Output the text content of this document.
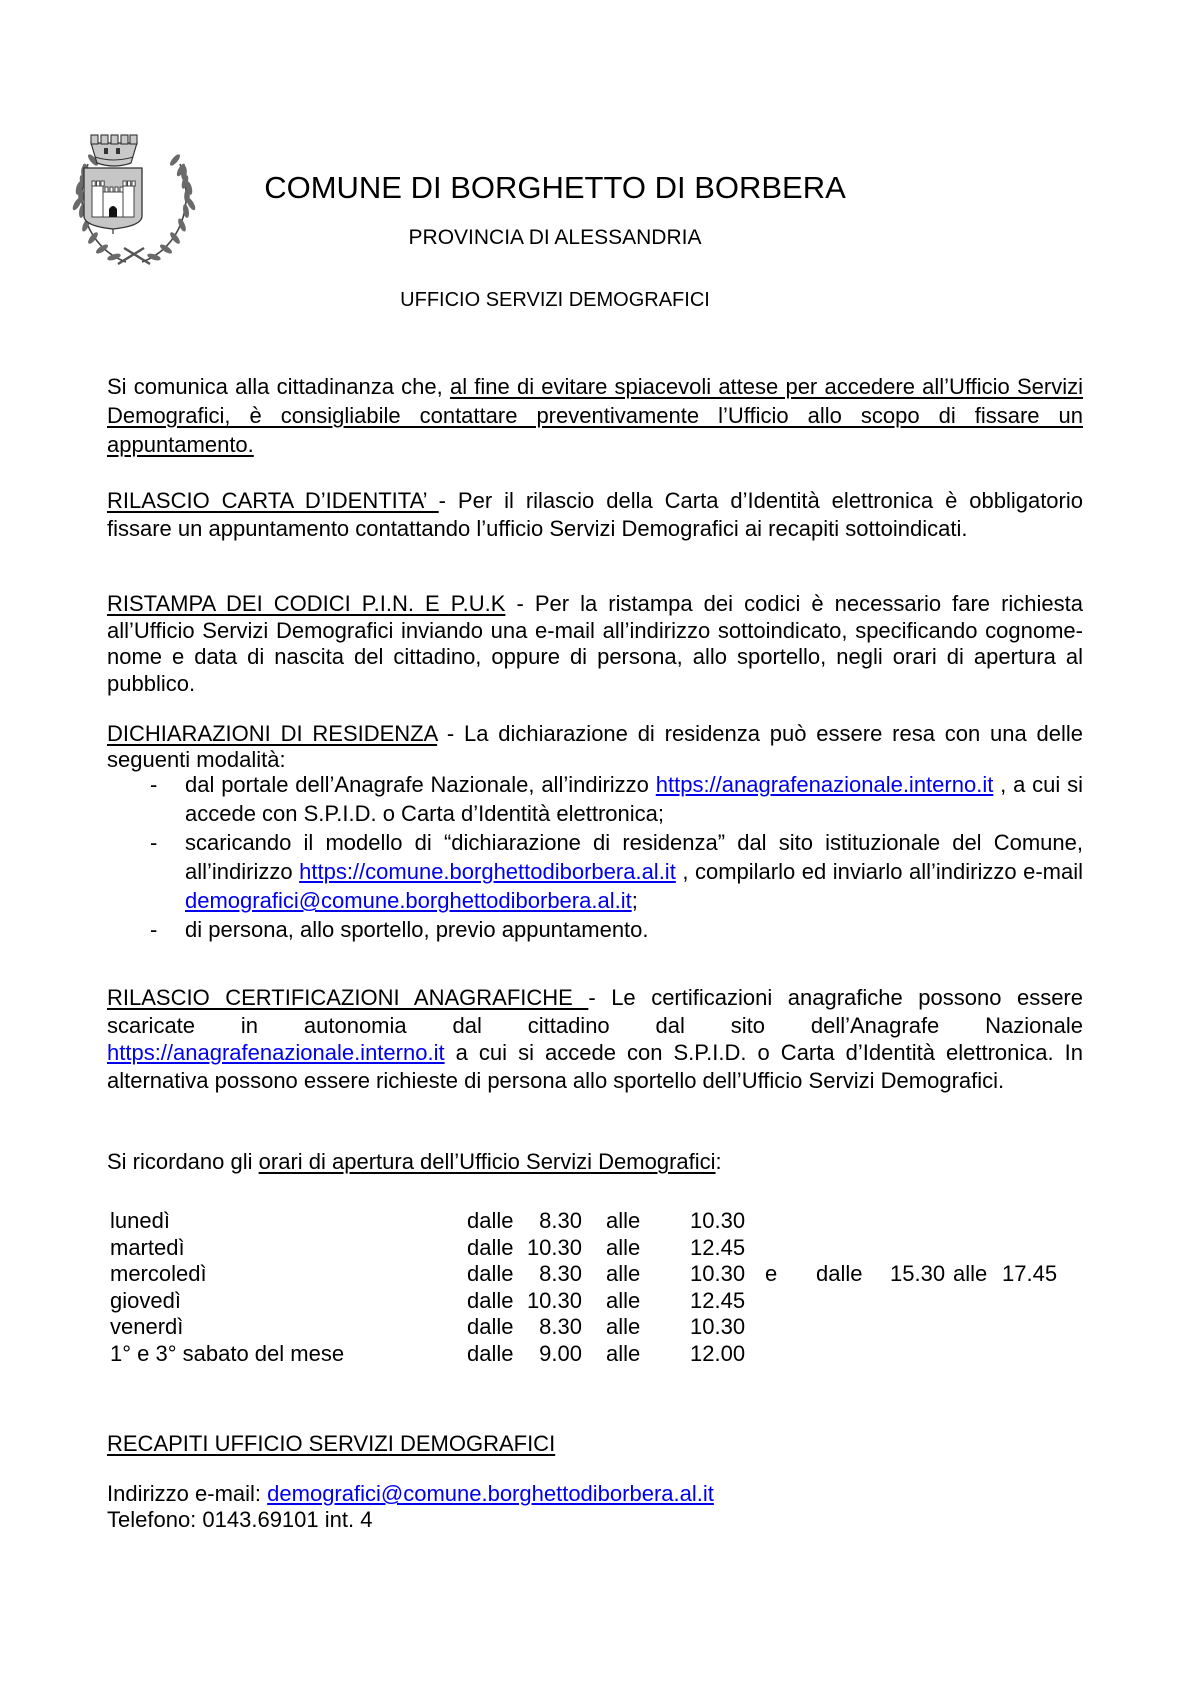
COMUNE DI BORGHETTO DI BORBERA
PROVINCIA DI ALESSANDRIA
UFFICIO SERVIZI DEMOGRAFICI

Si comunica alla cittadinanza che, al fine di evitare spiacevoli attese per accedere all’Ufficio Servizi Demografici, è consigliabile contattare preventivamente l’Ufficio allo scopo di fissare un appuntamento.

RILASCIO CARTA D’IDENTITA’ - Per il rilascio della Carta d’Identità elettronica è obbligatorio fissare un appuntamento contattando l’ufficio Servizi Demografici ai recapiti sottoindicati.

RISTAMPA DEI CODICI P.I.N. E P.U.K - Per la ristampa dei codici è necessario fare richiesta all’Ufficio Servizi Demografici inviando una e-mail all’indirizzo sottoindicato, specificando cognome-nome e data di nascita del cittadino, oppure di persona, allo sportello, negli orari di apertura al pubblico.

DICHIARAZIONI DI RESIDENZA - La dichiarazione di residenza può essere resa con una delle seguenti modalità:

- dal portale dell’Anagrafe Nazionale, all’indirizzo https://anagrafenazionale.interno.it , a cui si accede con S.P.I.D. o Carta d’Identità elettronica;
- scaricando il modello di “dichiarazione di residenza” dal sito istituzionale del Comune, all’indirizzo https://comune.borghettodiborbera.al.it , compilarlo ed inviarlo all’indirizzo e-mail demografici@comune.borghettodiborbera.al.it;
- di persona, allo sportello, previo appuntamento.

RILASCIO CERTIFICAZIONI ANAGRAFICHE - Le certificazioni anagrafiche possono essere scaricate in autonomia dal cittadino dal sito dell’Anagrafe Nazionale https://anagrafenazionale.interno.it a cui si accede con S.P.I.D. o Carta d’Identità elettronica. In alternativa possono essere richieste di persona allo sportello dell’Ufficio Servizi Demografici.

Si ricordano gli orari di apertura dell’Ufficio Servizi Demografici:

lunedì	dalle	8.30 alle 10.30
martedì	dalle 10.30 alle 12.45
mercoledì	dalle	8.30 alle 10.30 e dalle 15.30 alle 17.45
giovedì	dalle 10.30 alle 12.45
venerdì	dalle	8.30 alle 10.30
1° e 3° sabato del mese	dalle	9.00 alle 12.00

RECAPITI UFFICIO SERVIZI DEMOGRAFICI

Indirizzo e-mail: demografici@comune.borghettodiborbera.al.it
Telefono: 0143.69101 int. 4
